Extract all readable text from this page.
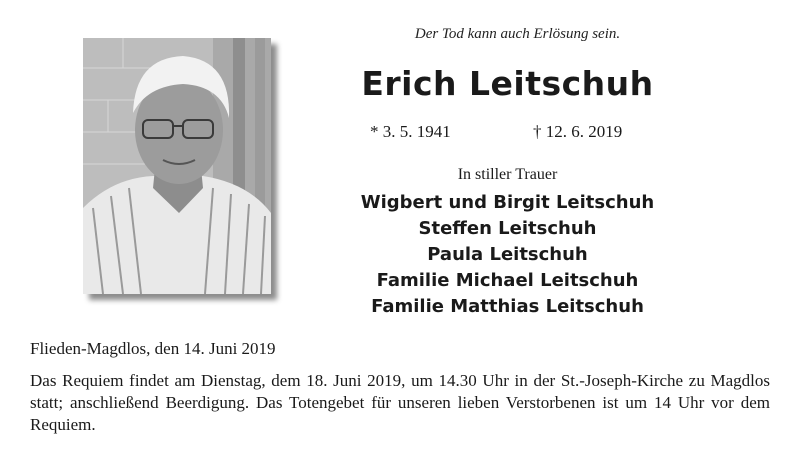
Der Tod kann auch Erlösung sein.
Erich Leitschuh
* 3. 5. 1941	† 12. 6. 2019
In stiller Trauer
Wigbert und Birgit Leitschuh
Steffen Leitschuh
Paula Leitschuh
Familie Michael Leitschuh
Familie Matthias Leitschuh
Flieden-Magdlos, den 14. Juni 2019

Das Requiem findet am Dienstag, dem 18. Juni 2019, um 14.30 Uhr in der St.-Joseph-Kirche zu Magdlos statt; anschließend Beerdigung. Das Totengebet für unseren lieben Verstorbenen ist um 14 Uhr vor dem Requiem.
